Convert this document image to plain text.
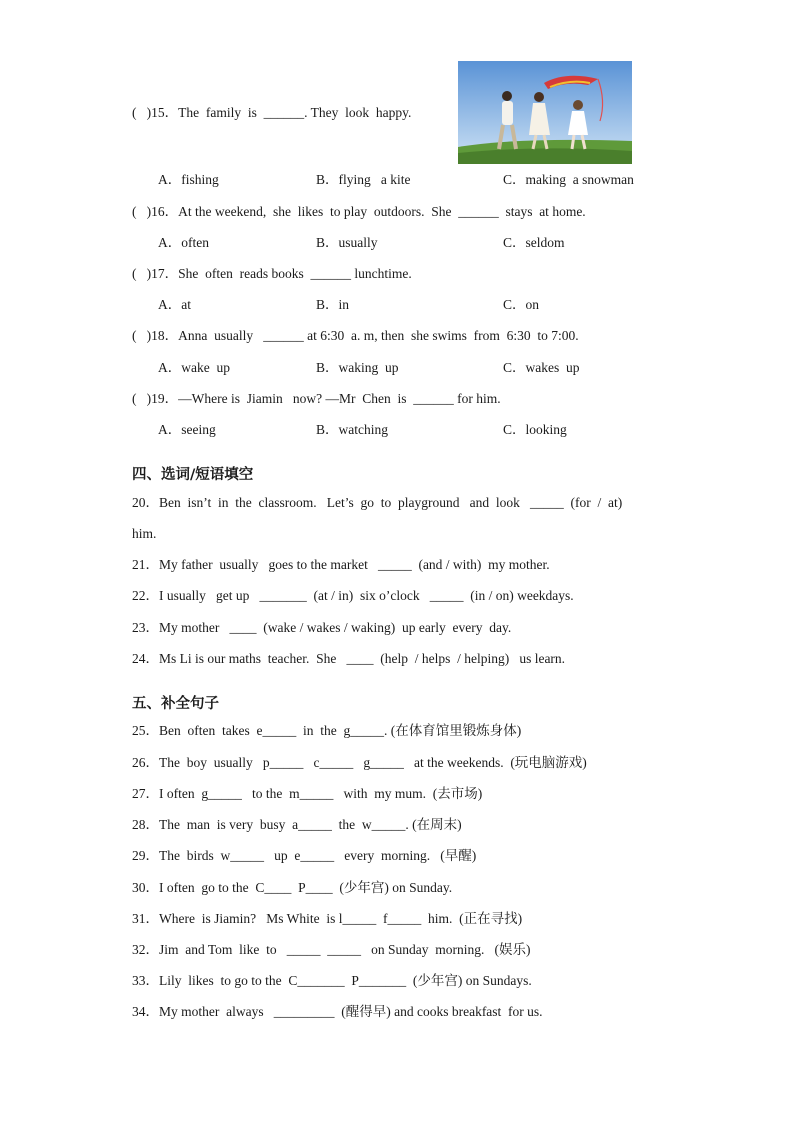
(   )15．The  family  is  ______. They  look  happy.
A．fishing	B．flying   a kite	C．making  a snowman
(   )16．At the weekend,  she  likes  to play  outdoors.  She  ______  stays  at home.
A．often	B．usually	C．seldom
(   )17．She  often  reads books  ______ lunchtime.
A．at	B．in	C．on
(   )18．Anna  usually   ______ at 6:30  a. m, then  she swims  from  6:30  to 7:00.
A．wake  up	B．waking  up	C．wakes  up
(   )19．—Where is  Jiamin   now? —Mr  Chen  is  ______ for him.
A．seeing	B．watching	C．looking
四、选词/短语填空
20．Ben  isn’t  in  the  classroom.   Let’s  go  to  playground   and  look   _____  (for  /  at)
him.
21．My father  usually   goes to the market   _____  (and / with)  my mother.
22．I usually   get up   _______  (at / in)  six o’clock   _____  (in / on) weekdays.
23．My mother   ____  (wake / wakes / waking)  up early  every  day.
24．Ms Li is our maths  teacher.  She   ____  (help  / helps  / helping)   us learn.
五、补全句子
25．Ben  often  takes  e_____  in  the  g_____. (在体育馆里锻炼身体)
26．The  boy  usually   p_____   c_____   g_____   at the weekends.  (玩电脑游戏)
27．I often  g_____   to the  m_____   with  my mum.  (去市场)
28．The  man  is very  busy  a_____  the  w_____. (在周末)
29．The  birds  w_____   up  e_____   every  morning.   (早醒)
30．I often  go to the  C____  P____  (少年宫) on Sunday.
31．Where  is Jiamin?   Ms White  is l_____  f_____  him.  (正在寻找)
32．Jim  and Tom  like  to   _____  _____   on Sunday  morning.   (娱乐)
33．Lily  likes  to go to the  C_______  P_______  (少年宫) on Sundays.
34．My mother  always   _________  (醒得早) and cooks breakfast  for us.
